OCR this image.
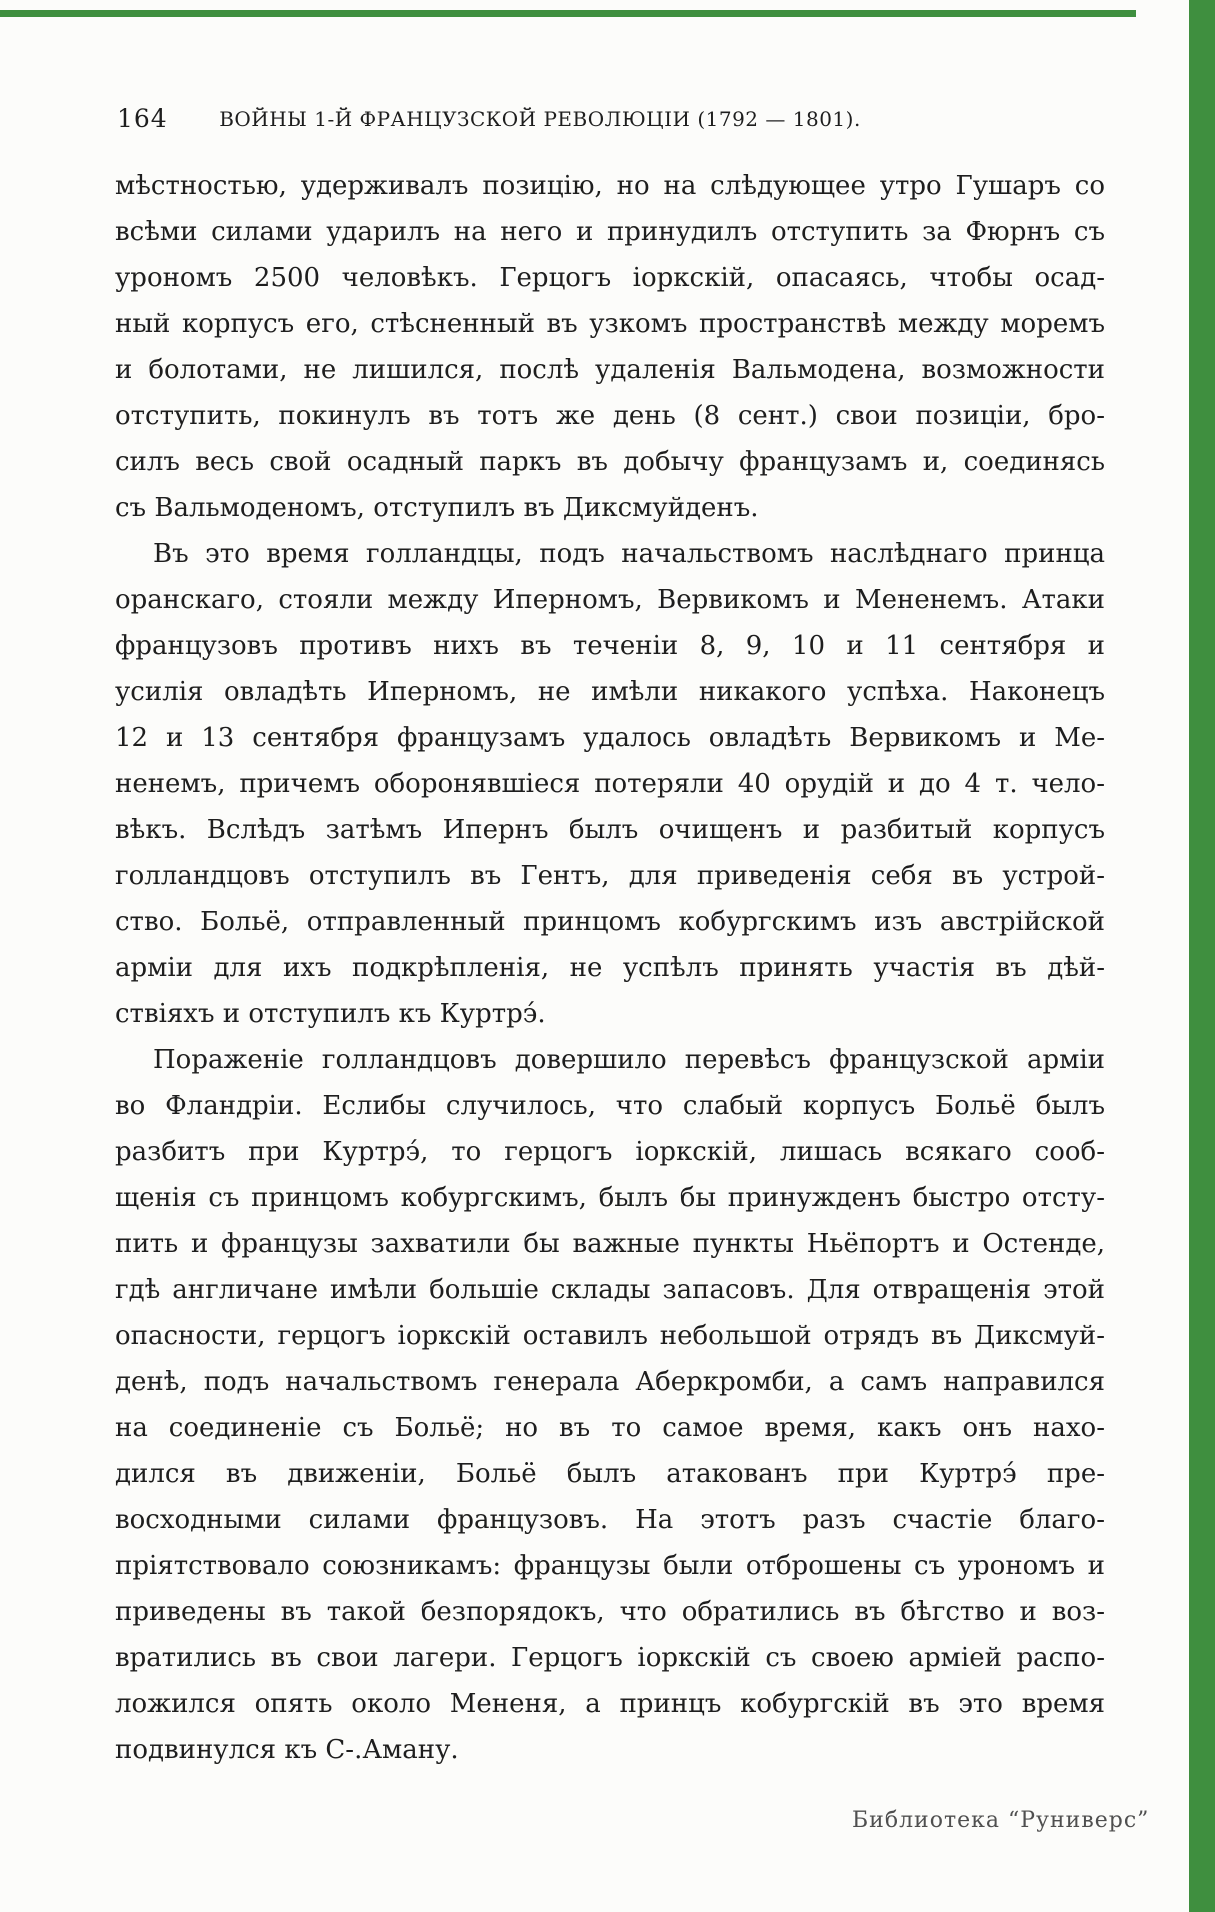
164	ВОЙНЫ 1-Й ФРАНЦУЗСКОЙ РЕВОЛЮЦІИ (1792 — 1801).
мѣстностью, удерживалъ позицію, но на слѣдующее утро Гушаръ со
всѣми силами ударилъ на него и принудилъ отступить за Фюрнъ съ
урономъ 2500 человѣкъ. Герцогъ іоркскій, опасаясь, чтобы осад-
ный корпусъ его, стѣсненный въ узкомъ пространствѣ между моремъ
и болотами, не лишился, послѣ удаленія Вальмодена, возможности
отступить, покинулъ въ тотъ же день (8 сент.) свои позиціи, бро-
силъ весь свой осадный паркъ въ добычу французамъ и, соединясь
съ Вальмоденомъ, отступилъ въ Диксмуйденъ.
Въ это время голландцы, подъ начальствомъ наслѣднаго принца
оранскаго, стояли между Иперномъ, Вервикомъ и Мененемъ. Атаки
французовъ противъ нихъ въ теченіи 8, 9, 10 и 11 сентября и
усилія овладѣть Иперномъ, не имѣли никакого успѣха. Наконецъ
12 и 13 сентября французамъ удалось овладѣть Вервикомъ и Ме-
ненемъ, причемъ оборонявшіеся потеряли 40 орудій и до 4 т. чело-
вѣкъ. Вслѣдъ затѣмъ Ипернъ былъ очищенъ и разбитый корпусъ
голландцовъ отступилъ въ Гентъ, для приведенія себя въ устрой-
ство. Больё, отправленный принцомъ кобургскимъ изъ австрійской
арміи для ихъ подкрѣпленія, не успѣлъ принять участія въ дѣй-
ствіяхъ и отступилъ къ Куртрэ́.
Пораженіе голландцовъ довершило перевѣсъ французской арміи
во Фландріи. Еслибы случилось, что слабый корпусъ Больё былъ
разбитъ при Куртрэ́, то герцогъ іоркскій, лишась всякаго сооб-
щенія съ принцомъ кобургскимъ, былъ бы принужденъ быстро отсту-
пить и французы захватили бы важные пункты Ньёпортъ и Остенде,
гдѣ англичане имѣли большіе склады запасовъ. Для отвращенія этой
опасности, герцогъ іоркскій оставилъ небольшой отрядъ въ Диксмуй-
денѣ, подъ начальствомъ генерала Аберкромби, а самъ направился
на соединеніе съ Больё; но въ то самое время, какъ онъ нахо-
дился въ движеніи, Больё былъ атакованъ при Куртрэ́ пре-
восходными силами французовъ. На этотъ разъ счастіе благо-
пріятствовало союзникамъ: французы были отброшены съ урономъ и
приведены въ такой безпорядокъ, что обратились въ бѣгство и воз-
вратились въ свои лагери. Герцогъ іоркскій съ своею арміей распо-
ложился опять около Мененя, а принцъ кобургскій въ это время
подвинулся къ С-.Аману.
Библиотека “Руниверс”
